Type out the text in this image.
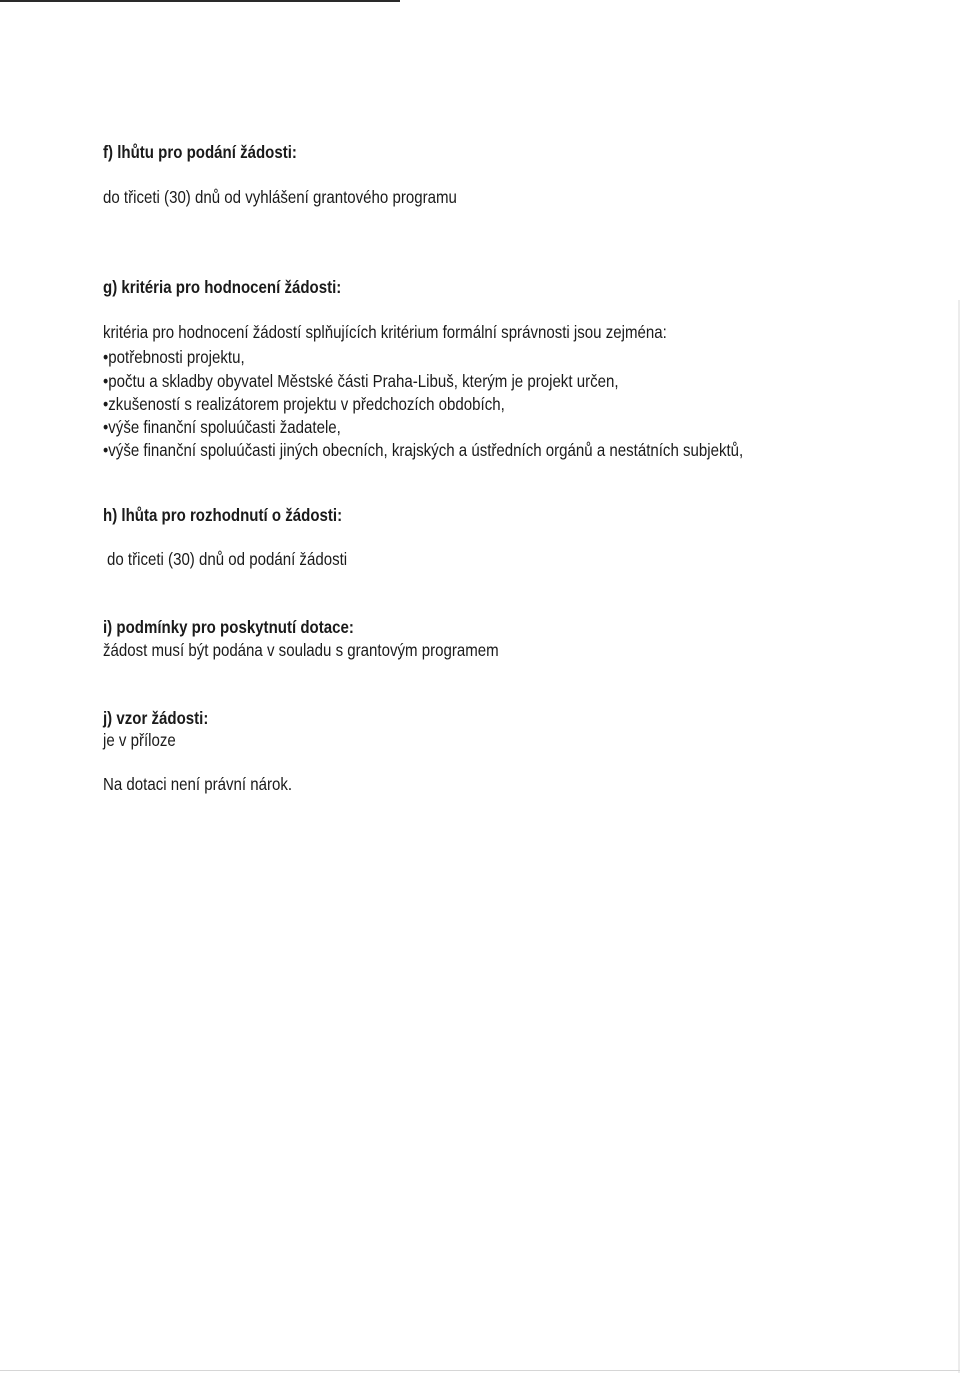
f) lhůtu pro podání žádosti:
do třiceti (30) dnů od vyhlášení grantového programu
g) kritéria pro hodnocení žádosti:
kritéria pro hodnocení žádostí splňujících kritérium formální správnosti jsou zejména:
•potřebnosti projektu,
•počtu a skladby obyvatel Městské části Praha-Libuš, kterým je projekt určen,
•zkušeností s realizátorem projektu v předchozích obdobích,
•výše finanční spoluúčasti žadatele,
•výše finanční spoluúčasti jiných obecních, krajských a ústředních orgánů a nestátních subjektů,
h) lhůta pro rozhodnutí o žádosti:
do třiceti (30) dnů od podání žádosti
i) podmínky pro poskytnutí dotace:
žádost musí být podána v souladu s grantovým programem
j) vzor žádosti:
je v příloze
Na dotaci není právní nárok.
